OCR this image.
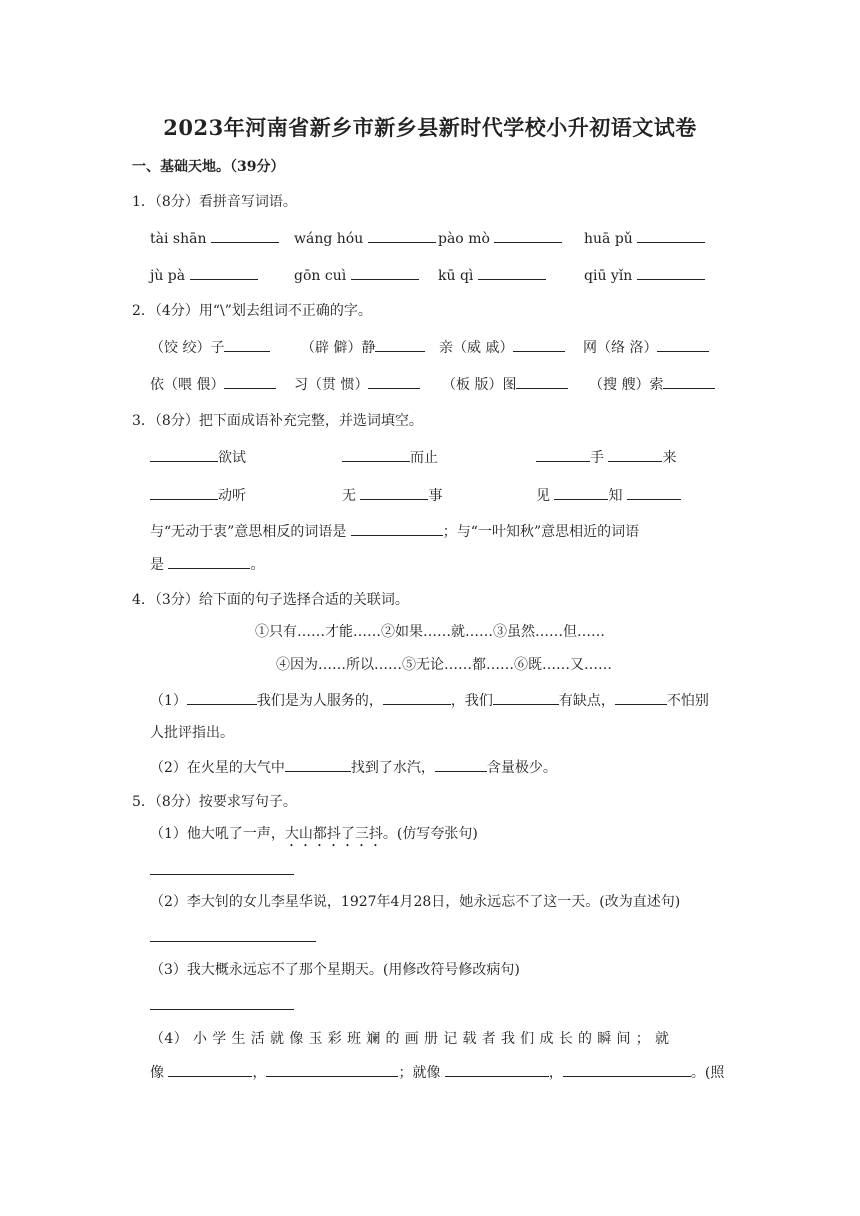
2023年河南省新乡市新乡县新时代学校小升初语文试卷
一、基础天地。（39分）
1．（8分）看拼音写词语。
tài shān	wáng hóu	pào mò	huā pǔ
jù pà	gōn cuì	kū qì	qiū yǐn
2．（4分）用“\”划去组词不正确的字。
（饺 绞）子	（辟 僻）静	亲（威 戚）	网（络 洛）
依（喂 偎）	习（贯 惯）	（板 版）图	（搜 艘）索
3．（8分）把下面成语补充完整，并选词填空。
欲试	而止	手	来
动听	无	事	见	知
与“无动于衷”意思相反的词语是	；与“一叶知秋”意思相近的词语
是	。
4．（3分）给下面的句子选择合适的关联词。
①只有……才能……②如果……就……③虽然……但……
④因为……所以……⑤无论……都……⑥既……又……
（1）	我们是为人服务的，	，我们	有缺点，	不怕别
人批评指出。
（2）在火星的大气中	找到了水汽，	含量极少。
5．（8分）按要求写句子。
（1）他大吼了一声，大山都抖了三抖。(仿写夸张句)
（2）李大钊的女儿李星华说，1927年4月28日，她永远忘不了这一天。(改为直述句)
（3）我大概永远忘不了那个星期天。(用修改符号修改病句)
（4） 小 学 生 活 就 像 玉 彩 班 斓 的 画 册 记 载 者 我 们 成 长 的 瞬 间 ； 就
像	，	；就像	，	。(照
